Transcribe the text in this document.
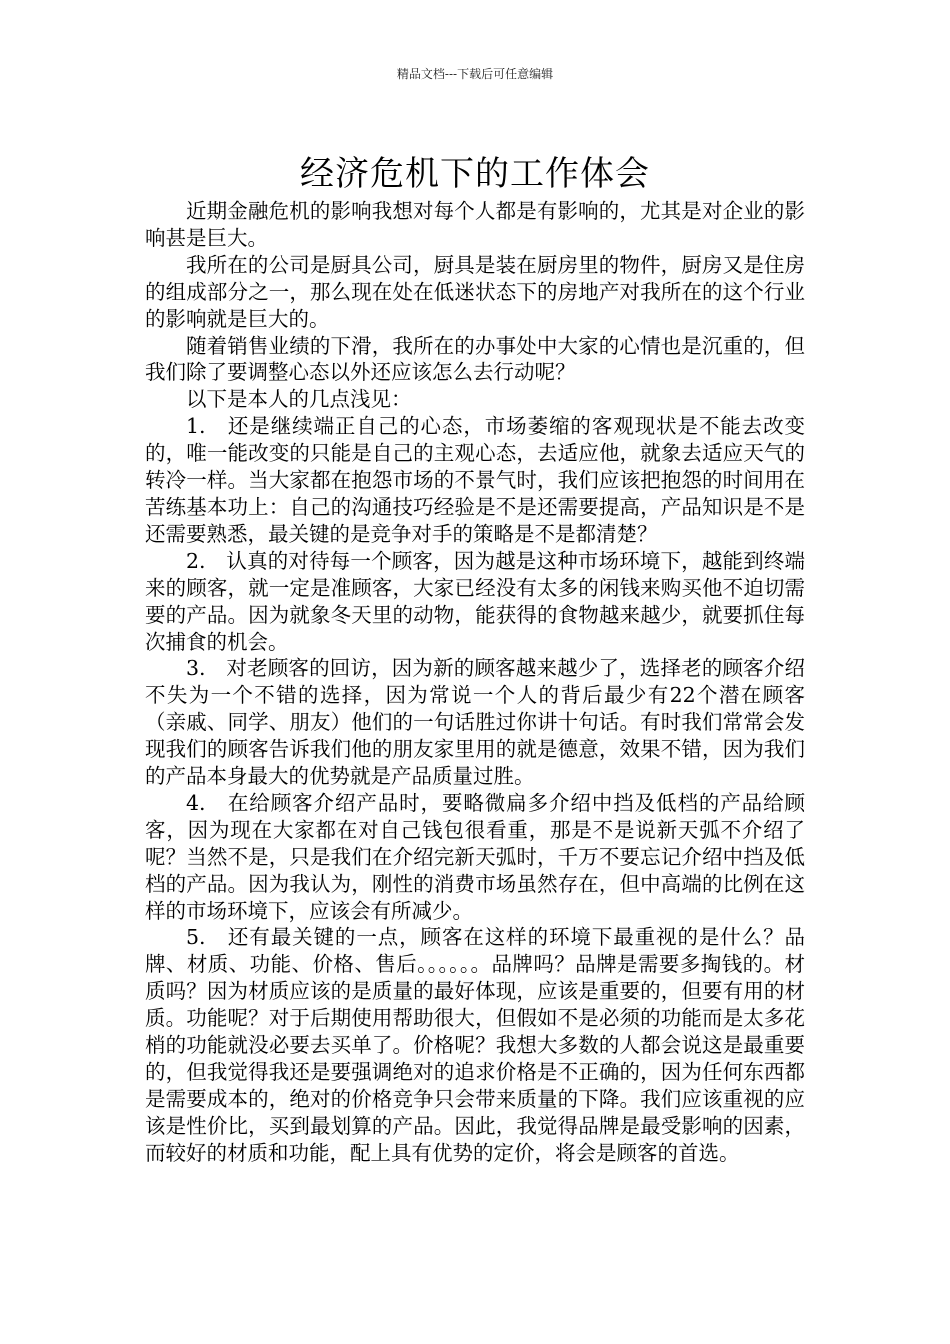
精品文档---下载后可任意编辑
经济危机下的工作体会

近期金融危机的影响我想对每个人都是有影响的，尤其是对企业的影响甚是巨大。

我所在的公司是厨具公司，厨具是装在厨房里的物件，厨房又是住房的组成部分之一，那么现在处在低迷状态下的房地产对我所在的这个行业的影响就是巨大的。

随着销售业绩的下滑，我所在的办事处中大家的心情也是沉重的，但我们除了要调整心态以外还应该怎么去行动呢？

以下是本人的几点浅见：

1.　还是继续端正自己的心态，市场萎缩的客观现状是不能去改变的，唯一能改变的只能是自己的主观心态，去适应他，就象去适应天气的转冷一样。当大家都在抱怨市场的不景气时，我们应该把抱怨的时间用在苦练基本功上：自己的沟通技巧经验是不是还需要提高，产品知识是不是还需要熟悉，最关键的是竞争对手的策略是不是都清楚？

2.　认真的对待每一个顾客，因为越是这种市场环境下，越能到终端来的顾客，就一定是准顾客，大家已经没有太多的闲钱来购买他不迫切需要的产品。因为就象冬天里的动物，能获得的食物越来越少，就要抓住每次捕食的机会。

3.　对老顾客的回访，因为新的顾客越来越少了，选择老的顾客介绍不失为一个不错的选择，因为常说一个人的背后最少有22个潜在顾客（亲戚、同学、朋友）他们的一句话胜过你讲十句话。有时我们常常会发现我们的顾客告诉我们他的朋友家里用的就是德意，效果不错，因为我们的产品本身最大的优势就是产品质量过胜。

4.　在给顾客介绍产品时，要略微扁多介绍中挡及低档的产品给顾客，因为现在大家都在对自己钱包很看重，那是不是说新天弧不介绍了呢？当然不是，只是我们在介绍完新天弧时，千万不要忘记介绍中挡及低档的产品。因为我认为，刚性的消费市场虽然存在，但中高端的比例在这样的市场环境下，应该会有所减少。

5.　还有最关键的一点，顾客在这样的环境下最重视的是什么？品牌、材质、功能、价格、售后。。。。。。品牌吗？品牌是需要多掏钱的。材质吗？因为材质应该的是质量的最好体现，应该是重要的，但要有用的材质。功能呢？对于后期使用帮助很大，但假如不是必须的功能而是太多花梢的功能就没必要去买单了。价格呢？我想大多数的人都会说这是最重要的，但我觉得我还是要强调绝对的追求价格是不正确的，因为任何东西都是需要成本的，绝对的价格竞争只会带来质量的下降。我们应该重视的应该是性价比，买到最划算的产品。因此，我觉得品牌是最受影响的因素，而较好的材质和功能，配上具有优势的定价，将会是顾客的首选。
